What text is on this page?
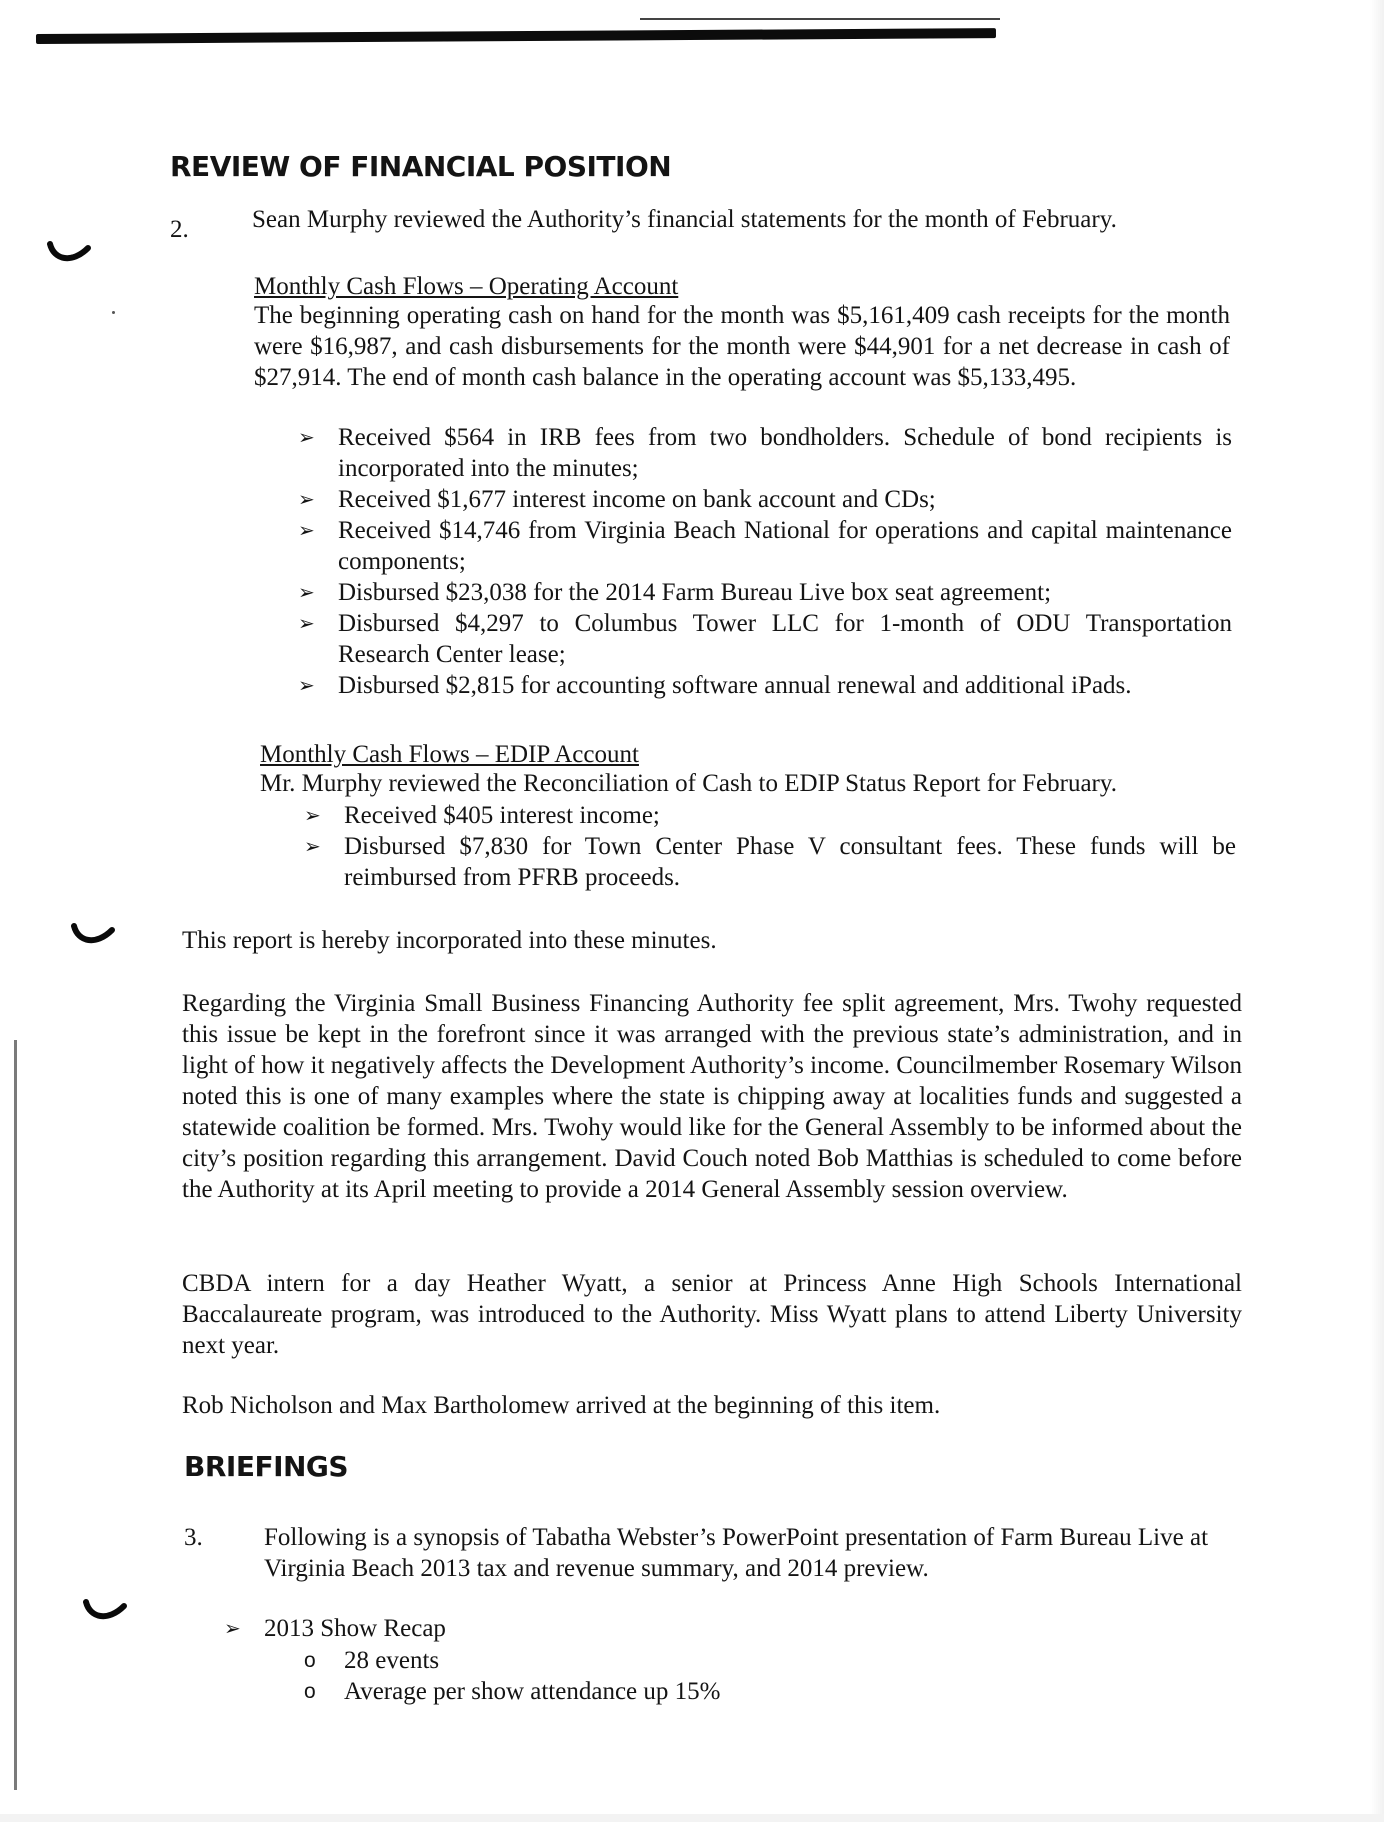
REVIEW OF FINANCIAL POSITION
2.	Sean Murphy reviewed the Authority’s financial statements for the month of February.
Monthly Cash Flows – Operating Account
The beginning operating cash on hand for the month was $5,161,409 cash receipts for the month were $16,987, and cash disbursements for the month were $44,901 for a net decrease in cash of $27,914. The end of month cash balance in the operating account was $5,133,495.
➢ Received $564 in IRB fees from two bondholders. Schedule of bond recipients is incorporated into the minutes;
➢ Received $1,677 interest income on bank account and CDs;
➢ Received $14,746 from Virginia Beach National for operations and capital maintenance components;
➢ Disbursed $23,038 for the 2014 Farm Bureau Live box seat agreement;
➢ Disbursed $4,297 to Columbus Tower LLC for 1-month of ODU Transportation Research Center lease;
➢ Disbursed $2,815 for accounting software annual renewal and additional iPads.
Monthly Cash Flows – EDIP Account
Mr. Murphy reviewed the Reconciliation of Cash to EDIP Status Report for February.
➢ Received $405 interest income;
➢ Disbursed $7,830 for Town Center Phase V consultant fees. These funds will be reimbursed from PFRB proceeds.
This report is hereby incorporated into these minutes.
Regarding the Virginia Small Business Financing Authority fee split agreement, Mrs. Twohy requested this issue be kept in the forefront since it was arranged with the previous state’s administration, and in light of how it negatively affects the Development Authority’s income. Councilmember Rosemary Wilson noted this is one of many examples where the state is chipping away at localities funds and suggested a statewide coalition be formed. Mrs. Twohy would like for the General Assembly to be informed about the city’s position regarding this arrangement. David Couch noted Bob Matthias is scheduled to come before the Authority at its April meeting to provide a 2014 General Assembly session overview.
CBDA intern for a day Heather Wyatt, a senior at Princess Anne High Schools International Baccalaureate program, was introduced to the Authority. Miss Wyatt plans to attend Liberty University next year.
Rob Nicholson and Max Bartholomew arrived at the beginning of this item.
BRIEFINGS
3. Following is a synopsis of Tabatha Webster’s PowerPoint presentation of Farm Bureau Live at Virginia Beach 2013 tax and revenue summary, and 2014 preview.
➢ 2013 Show Recap
o 28 events
o Average per show attendance up 15%
